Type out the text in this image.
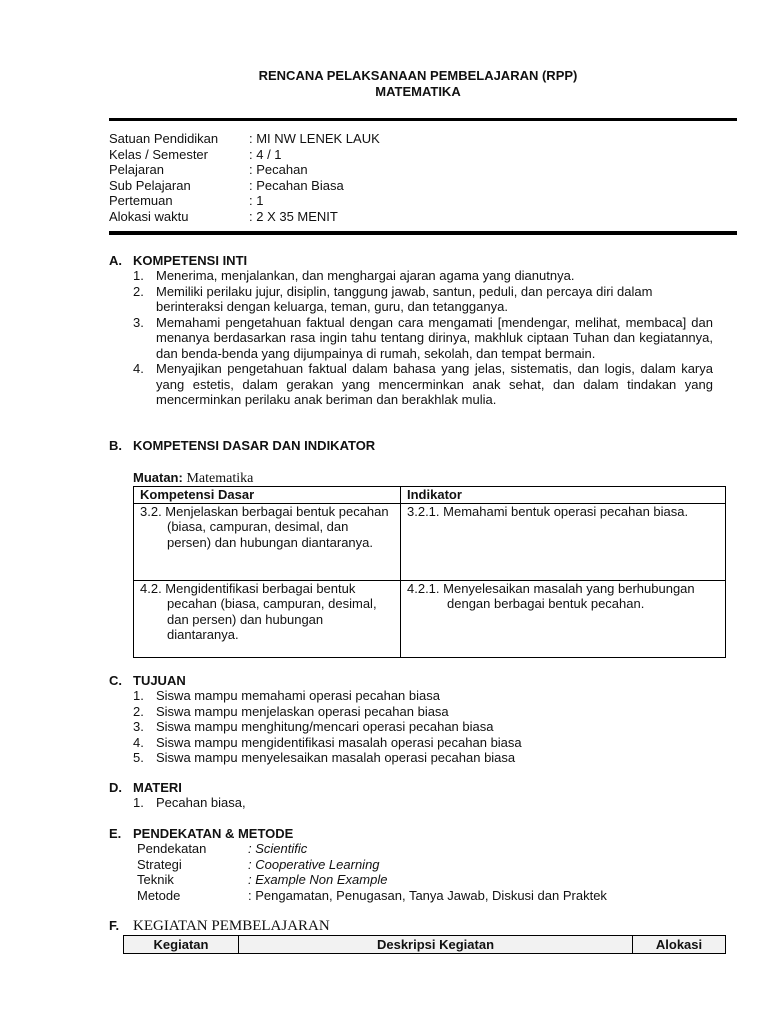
RENCANA PELAKSANAAN PEMBELAJARAN (RPP)
MATEMATIKA
Satuan Pendidikan	: MI NW LENEK LAUK
Kelas / Semester	: 4 / 1
Pelajaran	: Pecahan
Sub Pelajaran	: Pecahan Biasa
Pertemuan	: 1
Alokasi waktu	: 2 X 35 MENIT
A. KOMPETENSI INTI
1. Menerima, menjalankan, dan menghargai ajaran agama yang dianutnya.
2. Memiliki perilaku jujur, disiplin, tanggung jawab, santun, peduli, dan percaya diri dalam berinteraksi dengan keluarga, teman, guru, dan tetangganya.
3. Memahami pengetahuan faktual dengan cara mengamati [mendengar, melihat, membaca] dan menanya berdasarkan rasa ingin tahu tentang dirinya, makhluk ciptaan Tuhan dan kegiatannya, dan benda-benda yang dijumpainya di rumah, sekolah, dan tempat bermain.
4. Menyajikan pengetahuan faktual dalam bahasa yang jelas, sistematis, dan logis, dalam karya yang estetis, dalam gerakan yang mencerminkan anak sehat, dan dalam tindakan yang mencerminkan perilaku anak beriman dan berakhlak mulia.
B. KOMPETENSI DASAR DAN INDIKATOR
Muatan: Matematika
Kompetensi Dasar	Indikator

3.2. Menjelaskan berbagai bentuk pecahan (biasa, campuran, desimal, dan persen) dan hubungan diantaranya.	3.2.1. Memahami bentuk operasi pecahan biasa.

4.2. Mengidentifikasi berbagai bentuk pecahan (biasa, campuran, desimal, dan persen) dan hubungan diantaranya.	4.2.1. Menyelesaikan masalah yang berhubungan dengan berbagai bentuk pecahan.
C. TUJUAN
1. Siswa mampu memahami operasi pecahan biasa
2. Siswa mampu menjelaskan operasi pecahan biasa
3. Siswa mampu menghitung/mencari operasi pecahan biasa
4. Siswa mampu mengidentifikasi masalah operasi pecahan biasa
5. Siswa mampu menyelesaikan masalah operasi pecahan biasa
D. MATERI
1. Pecahan biasa,
E. PENDEKATAN & METODE
Pendekatan	: Scientific
Strategi	: Cooperative Learning
Teknik	: Example Non Example
Metode	: Pengamatan, Penugasan, Tanya Jawab, Diskusi dan Praktek
F. KEGIATAN PEMBELAJARAN
Kegiatan	Deskripsi Kegiatan	Alokasi
